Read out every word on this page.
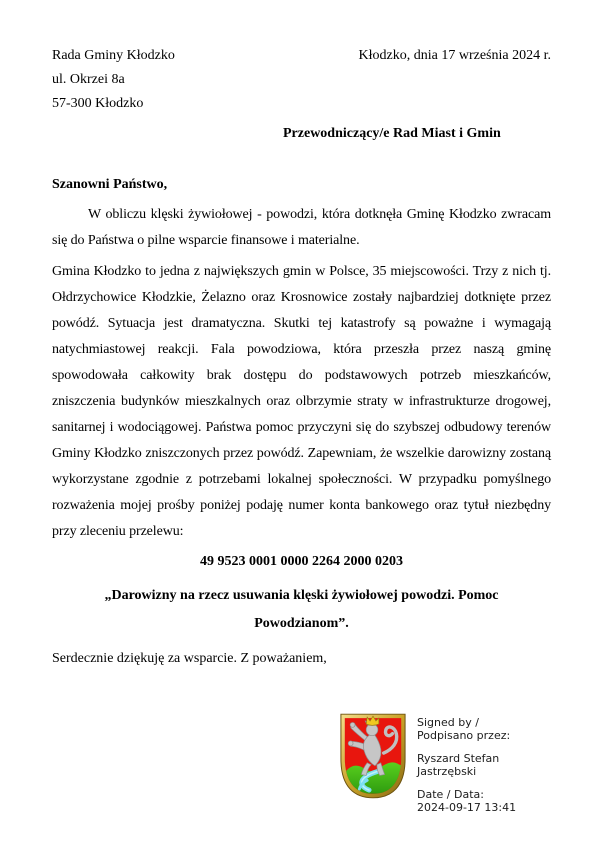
Rada Gminy Kłodzko
ul. Okrzei 8a
57-300 Kłodzko
Kłodzko, dnia 17 września 2024 r.
Przewodniczący/e Rad Miast i Gmin
Szanowni Państwo,

W obliczu klęski żywiołowej - powodzi, która dotknęła Gminę Kłodzko zwracam się do Państwa o pilne wsparcie finansowe i materialne.

Gmina Kłodzko to jedna z największych gmin w Polsce, 35 miejscowości. Trzy z nich tj. Ołdrzychowice Kłodzkie, Żelazno oraz Krosnowice zostały najbardziej dotknięte przez powódź. Sytuacja jest dramatyczna. Skutki tej katastrofy są poważne i wymagają natychmiastowej reakcji. Fala powodziowa, która przeszła przez naszą gminę spowodowała całkowity brak dostępu do podstawowych potrzeb mieszkańców, zniszczenia budynków mieszkalnych oraz olbrzymie straty w infrastrukturze drogowej, sanitarnej i wodociągowej. Państwa pomoc przyczyni się do szybszej odbudowy terenów Gminy Kłodzko zniszczonych przez powódź. Zapewniam, że wszelkie darowizny zostaną wykorzystane zgodnie z potrzebami lokalnej społeczności. W przypadku pomyślnego rozważenia mojej prośby poniżej podaję numer konta bankowego oraz tytuł niezbędny przy zleceniu przelewu:

49 9523 0001 0000 2264 2000 0203
„Darowizny na rzecz usuwania klęski żywiołowej powodzi. Pomoc Powodzianom”.
Serdecznie dziękuję za wsparcie. Z poważaniem,
Signed by /
Podpisano przez:
Ryszard Stefan
Jastrzębski
Date / Data:
2024-09-17 13:41
